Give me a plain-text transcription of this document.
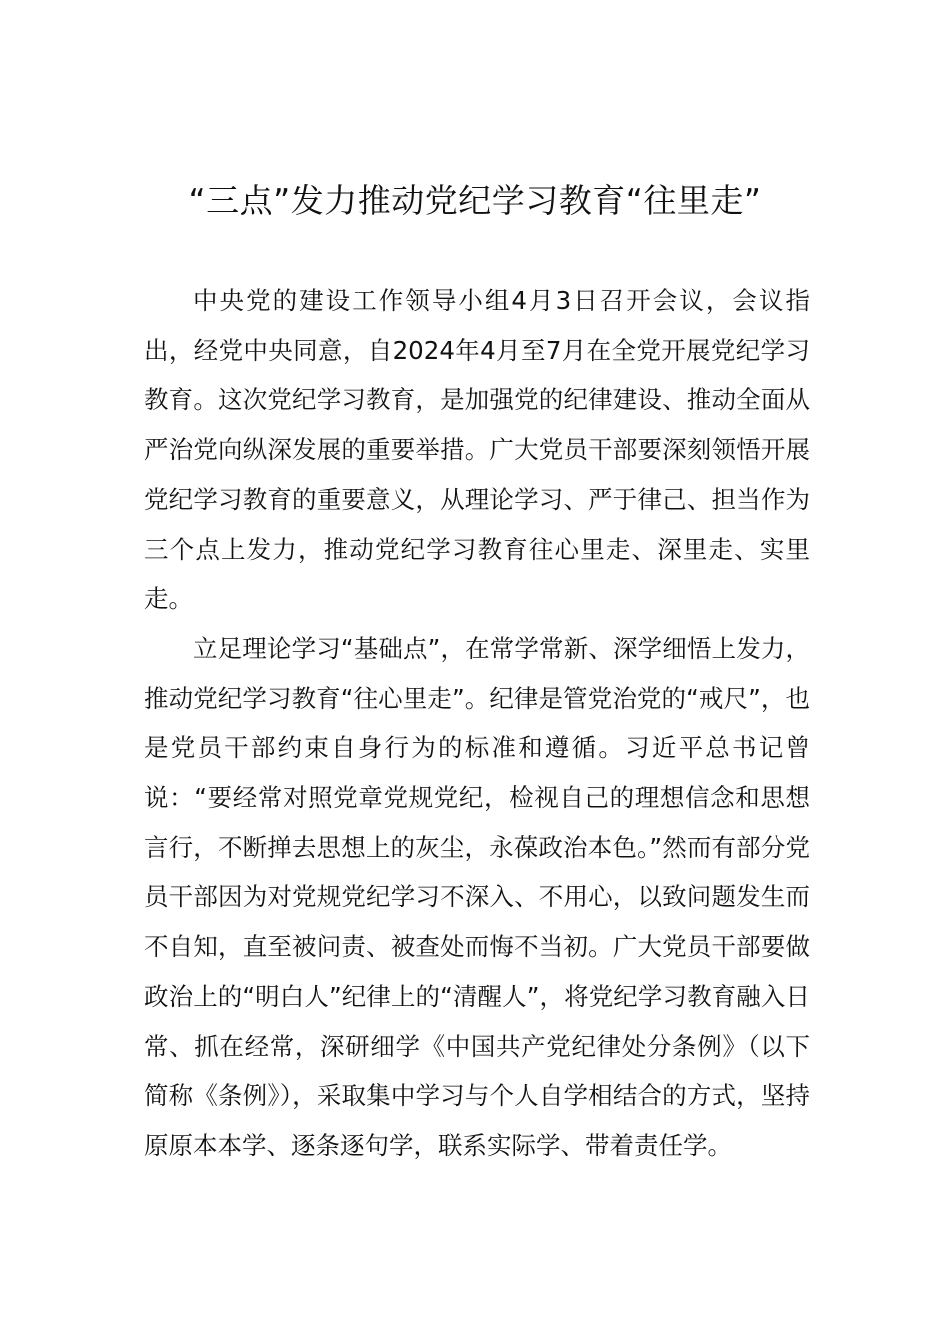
“三点”发力推动党纪学习教育“往里走”

中央党的建设工作领导小组4月3日召开会议，会议指出，经党中央同意，自2024年4月至7月在全党开展党纪学习教育。这次党纪学习教育，是加强党的纪律建设、推动全面从严治党向纵深发展的重要举措。广大党员干部要深刻领悟开展党纪学习教育的重要意义，从理论学习、严于律己、担当作为三个点上发力，推动党纪学习教育往心里走、深里走、实里走。

立足理论学习“基础点”，在常学常新、深学细悟上发力，推动党纪学习教育“往心里走”。纪律是管党治党的“戒尺”，也是党员干部约束自身行为的标准和遵循。习近平总书记曾说：“要经常对照党章党规党纪，检视自己的理想信念和思想言行，不断掸去思想上的灰尘，永葆政治本色。”然而有部分党员干部因为对党规党纪学习不深入、不用心，以致问题发生而不自知，直至被问责、被查处而悔不当初。广大党员干部要做政治上的“明白人”纪律上的“清醒人”，将党纪学习教育融入日常、抓在经常，深研细学《中国共产党纪律处分条例》（以下简称《条例》），采取集中学习与个人自学相结合的方式，坚持原原本本学、逐条逐句学，联系实际学、带着责任学。
